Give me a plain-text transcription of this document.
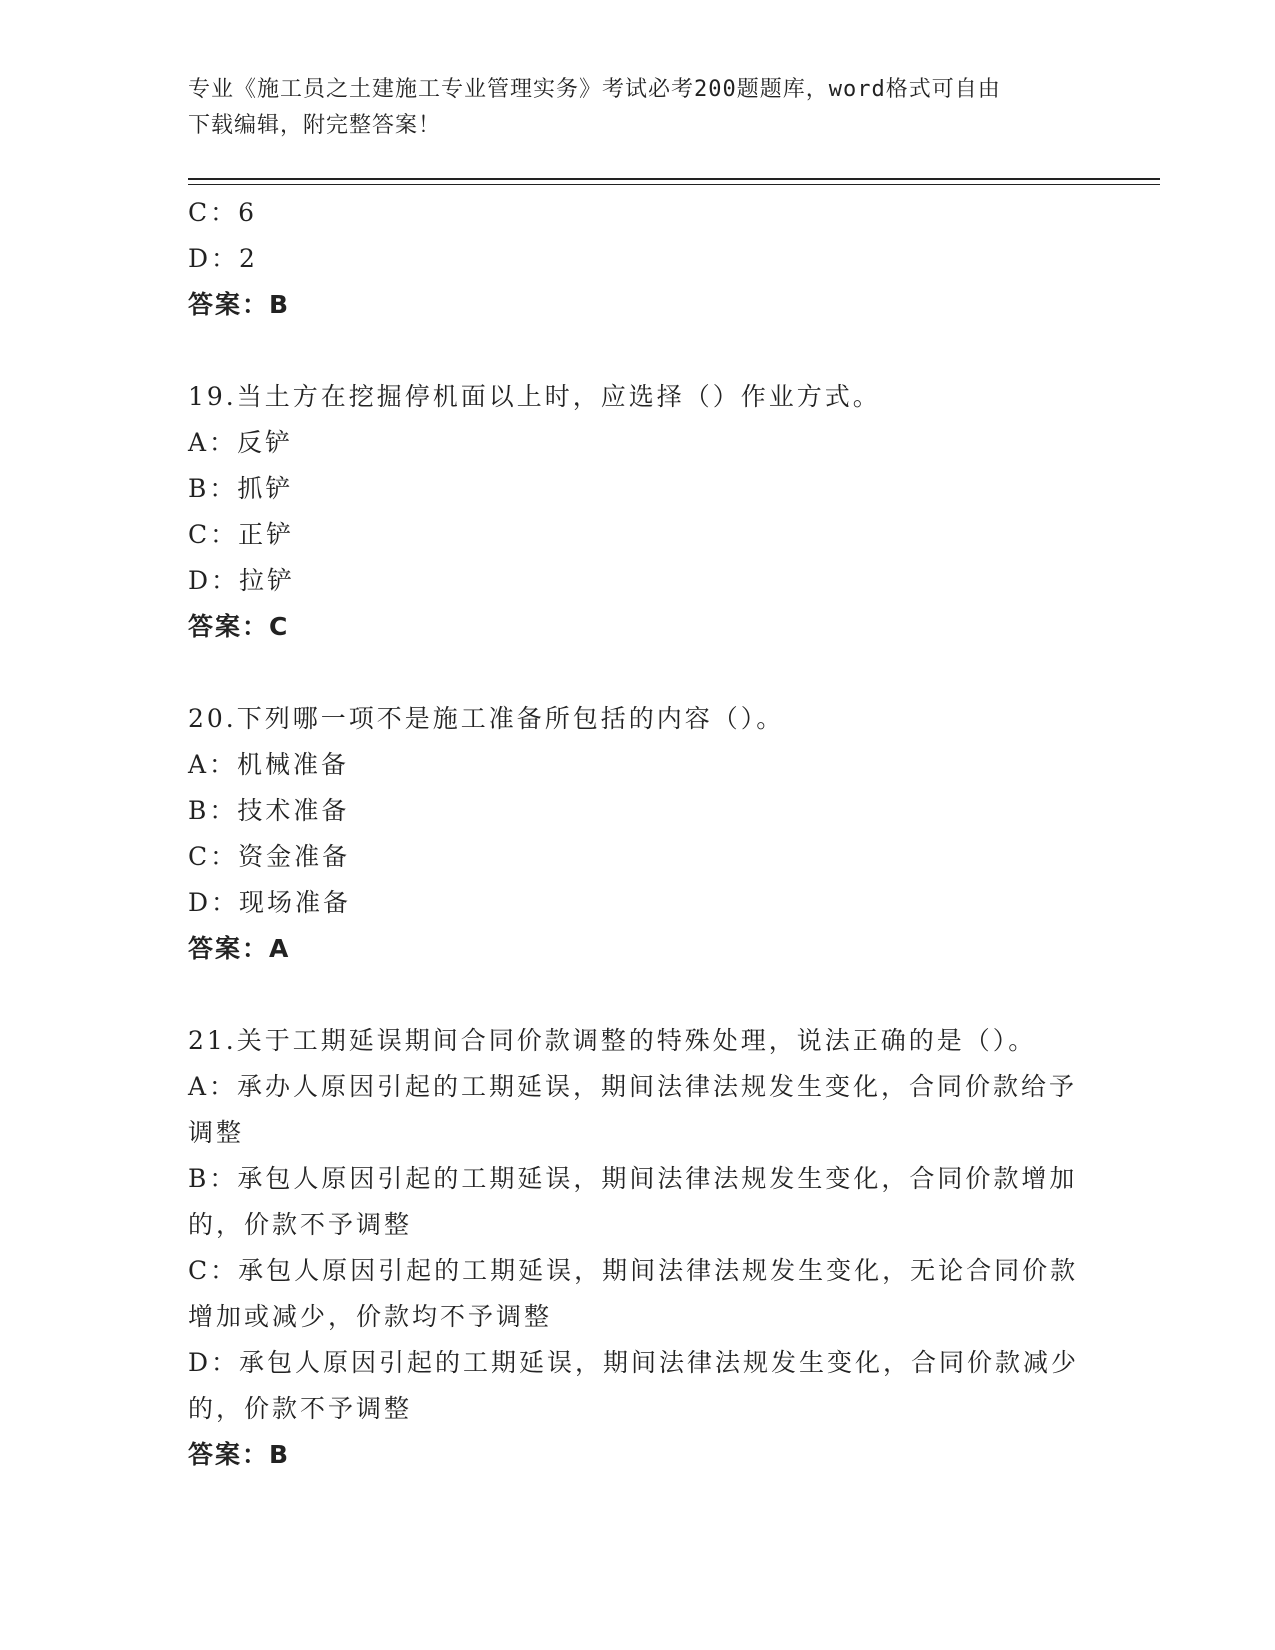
专业《施工员之土建施工专业管理实务》考试必考200题题库，word格式可自由
下载编辑，附完整答案！
C：6
D：2
答案：B
19.当土方在挖掘停机面以上时，应选择（）作业方式。
A：反铲
B：抓铲
C：正铲
D：拉铲
答案：C
20.下列哪一项不是施工准备所包括的内容（）。
A：机械准备
B：技术准备
C：资金准备
D：现场准备
答案：A
21.关于工期延误期间合同价款调整的特殊处理，说法正确的是（）。
A：承办人原因引起的工期延误，期间法律法规发生变化，合同价款给予调整
B：承包人原因引起的工期延误，期间法律法规发生变化，合同价款增加的，价款不予调整
C：承包人原因引起的工期延误，期间法律法规发生变化，无论合同价款增加或减少，价款均不予调整
D：承包人原因引起的工期延误，期间法律法规发生变化，合同价款减少的，价款不予调整
答案：B
